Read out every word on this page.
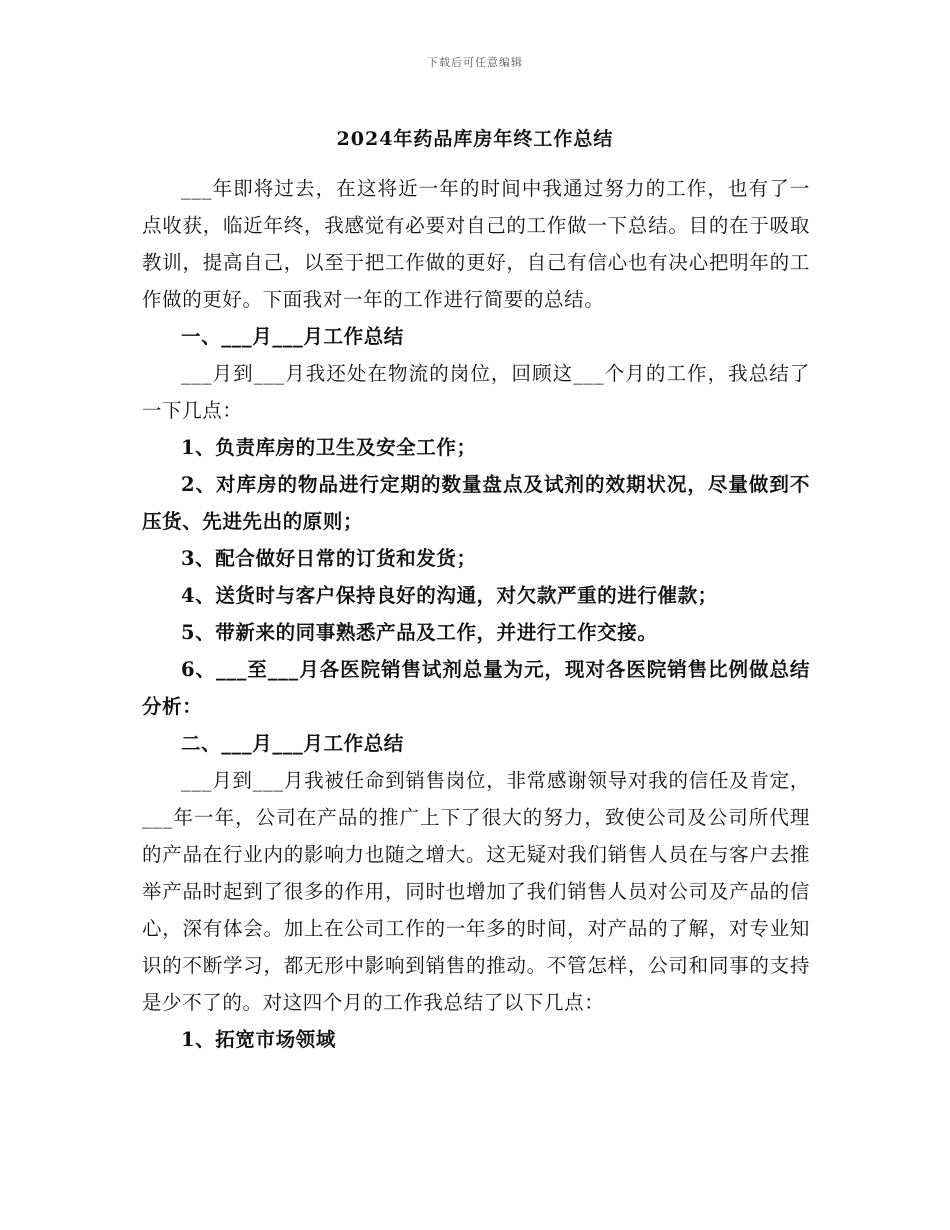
下载后可任意编辑
2024年药品库房年终工作总结

___年即将过去，在这将近一年的时间中我通过努力的工作，也有了一点收获，临近年终，我感觉有必要对自己的工作做一下总结。目的在于吸取教训，提高自己，以至于把工作做的更好，自己有信心也有决心把明年的工作做的更好。下面我对一年的工作进行简要的总结。

一、___月___月工作总结

___月到___月我还处在物流的岗位，回顾这___个月的工作，我总结了一下几点：

1、负责库房的卫生及安全工作；

2、对库房的物品进行定期的数量盘点及试剂的效期状况，尽量做到不压货、先进先出的原则；

3、配合做好日常的订货和发货；

4、送货时与客户保持良好的沟通，对欠款严重的进行催款；

5、带新来的同事熟悉产品及工作，并进行工作交接。

6、___至___月各医院销售试剂总量为元，现对各医院销售比例做总结分析：

二、___月___月工作总结

___月到___月我被任命到销售岗位，非常感谢领导对我的信任及肯定，___年一年，公司在产品的推广上下了很大的努力，致使公司及公司所代理的产品在行业内的影响力也随之增大。这无疑对我们销售人员在与客户去推举产品时起到了很多的作用，同时也增加了我们销售人员对公司及产品的信心，深有体会。加上在公司工作的一年多的时间，对产品的了解，对专业知识的不断学习，都无形中影响到销售的推动。不管怎样，公司和同事的支持是少不了的。对这四个月的工作我总结了以下几点：

1、拓宽市场领域
